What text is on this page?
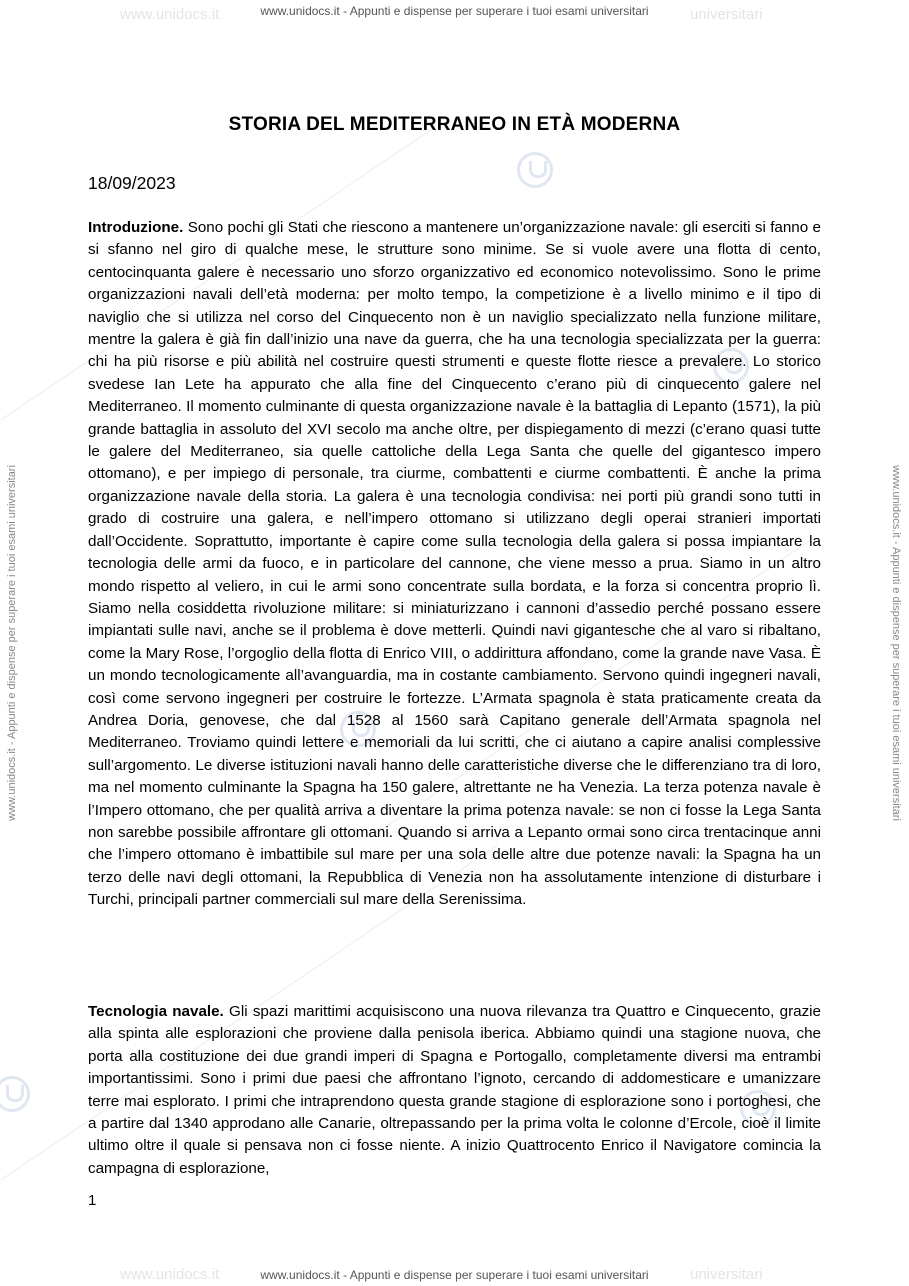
www.unidocs.it	universitari
www.unidocs.it	universitari
www.unidocs.it - Appunti e dispense per superare i tuoi esami universitari
www.unidocs.it - Appunti e dispense per superare i tuoi esami universitari
www.unidocs.it - Appunti e dispense per superare i tuoi esami universitari	www.unidocs.it - Appunti e dispense per superare i tuoi esami universitari
STORIA DEL MEDITERRANEO IN ETÀ MODERNA
18/09/2023

Introduzione. Sono pochi gli Stati che riescono a mantenere un’organizzazione navale: gli eserciti si fanno e si sfanno nel giro di qualche mese, le strutture sono minime. Se si vuole avere una flotta di cento, centocinquanta galere è necessario uno sforzo organizzativo ed economico notevolissimo. Sono le prime organizzazioni navali dell’età moderna: per molto tempo, la competizione è a livello minimo e il tipo di naviglio che si utilizza nel corso del Cinquecento non è un naviglio specializzato nella funzione militare, mentre la galera è già fin dall’inizio una nave da guerra, che ha una tecnologia specializzata per la guerra: chi ha più risorse e più abilità nel costruire questi strumenti e queste flotte riesce a prevalere. Lo storico svedese Ian Lete ha appurato che alla fine del Cinquecento c’erano più di cinquecento galere nel Mediterraneo. Il momento culminante di questa organizzazione navale è la battaglia di Lepanto (1571), la più grande battaglia in assoluto del XVI secolo ma anche oltre, per dispiegamento di mezzi (c’erano quasi tutte le galere del Mediterraneo, sia quelle cattoliche della Lega Santa che quelle del gigantesco impero ottomano), e per impiego di personale, tra ciurme, combattenti e ciurme combattenti. È anche la prima organizzazione navale della storia. La galera è una tecnologia condivisa: nei porti più grandi sono tutti in grado di costruire una galera, e nell’impero ottomano si utilizzano degli operai stranieri importati dall’Occidente. Soprattutto, importante è capire come sulla tecnologia della galera si possa impiantare la tecnologia delle armi da fuoco, e in particolare del cannone, che viene messo a prua. Siamo in un altro mondo rispetto al veliero, in cui le armi sono concentrate sulla bordata, e la forza si concentra proprio lì. Siamo nella cosiddetta rivoluzione militare: si miniaturizzano i cannoni d’assedio perché possano essere impiantati sulle navi, anche se il problema è dove metterli. Quindi navi gigantesche che al varo si ribaltano, come la Mary Rose, l’orgoglio della flotta di Enrico VIII, o addirittura affondano, come la grande nave Vasa. È un mondo tecnologicamente all’avanguardia, ma in costante cambiamento. Servono quindi ingegneri navali, così come servono ingegneri per costruire le fortezze. L’Armata spagnola è stata praticamente creata da Andrea Doria, genovese, che dal 1528 al 1560 sarà Capitano generale dell’Armata spagnola nel Mediterraneo. Troviamo quindi lettere e memoriali da lui scritti, che ci aiutano a capire analisi complessive sull’argomento. Le diverse istituzioni navali hanno delle caratteristiche diverse che le differenziano tra di loro, ma nel momento culminante la Spagna ha 150 galere, altrettante ne ha Venezia. La terza potenza navale è l’Impero ottomano, che per qualità arriva a diventare la prima potenza navale: se non ci fosse la Lega Santa non sarebbe possibile affrontare gli ottomani. Quando si arriva a Lepanto ormai sono circa trentacinque anni che l’impero ottomano è imbattibile sul mare per una sola delle altre due potenze navali: la Spagna ha un terzo delle navi degli ottomani, la Repubblica di Venezia non ha assolutamente intenzione di disturbare i Turchi, principali partner commerciali sul mare della Serenissima.

Tecnologia navale. Gli spazi marittimi acquisiscono una nuova rilevanza tra Quattro e Cinquecento, grazie alla spinta alle esplorazioni che proviene dalla penisola iberica. Abbiamo quindi una stagione nuova, che porta alla costituzione dei due grandi imperi di Spagna e Portogallo, completamente diversi ma entrambi importantissimi. Sono i primi due paesi che affrontano l’ignoto, cercando di addomesticare e umanizzare terre mai esplorato. I primi che intraprendono questa grande stagione di esplorazione sono i portoghesi, che a partire dal 1340 approdano alle Canarie, oltrepassando per la prima volta le colonne d’Ercole, cioè il limite ultimo oltre il quale si pensava non ci fosse niente. A inizio Quattrocento Enrico il Navigatore comincia la campagna di esplorazione,

1
